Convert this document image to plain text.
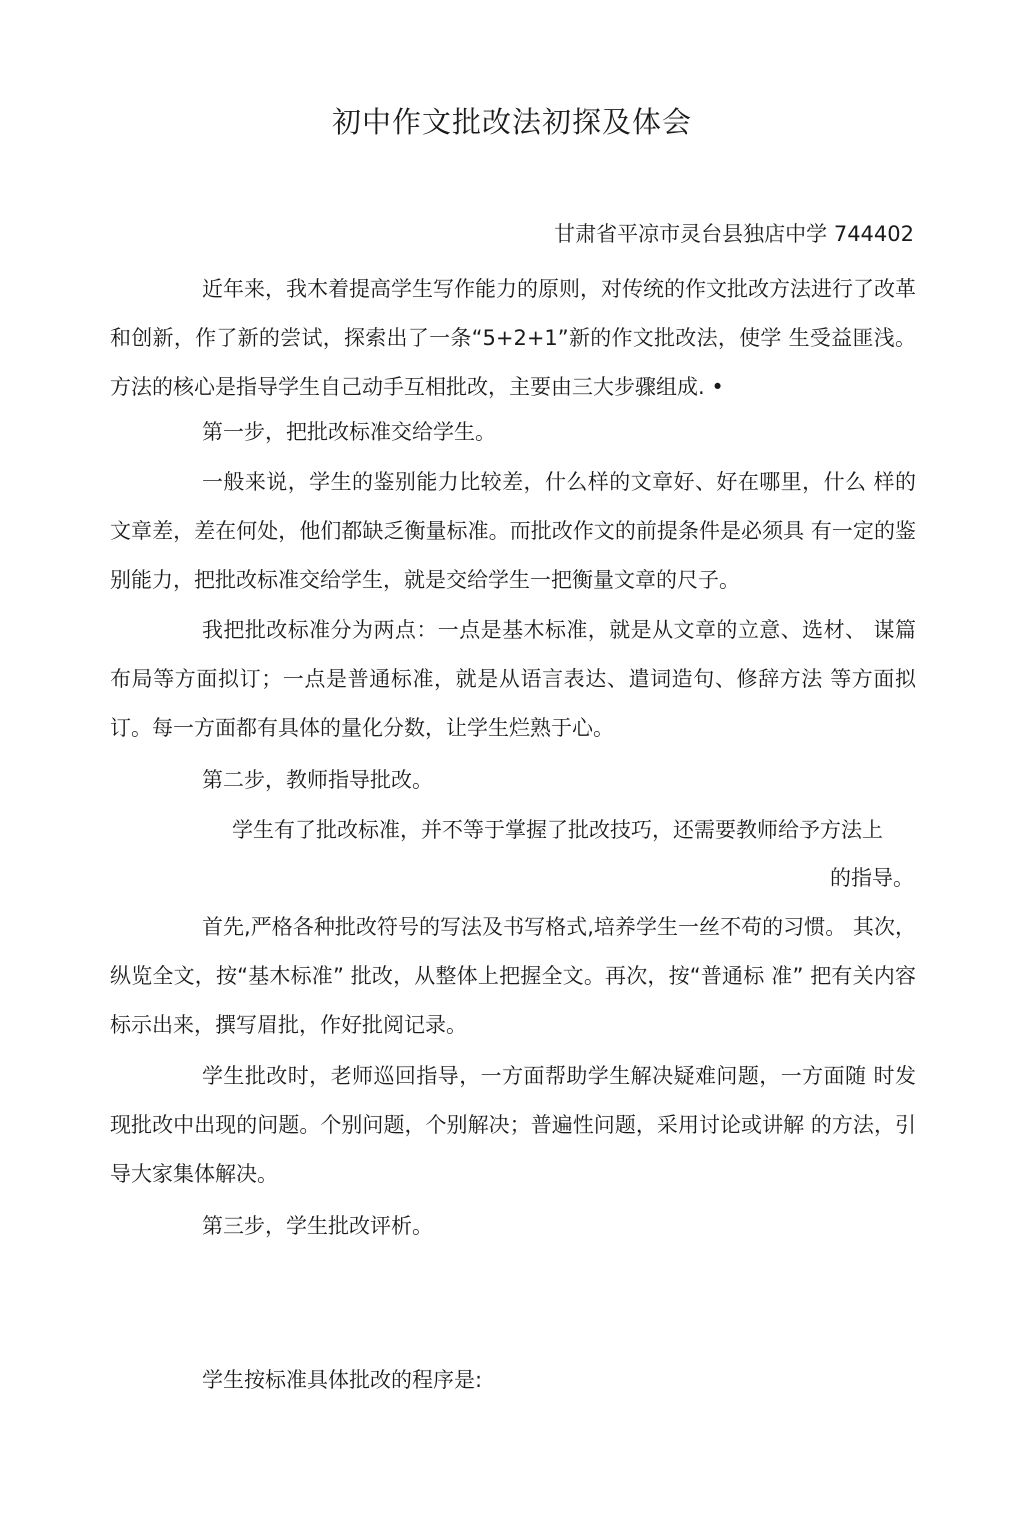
初中作文批改法初探及体会
甘肃省平凉市灵台县独店中学 744402
近年来，我木着提高学生写作能力的原则，对传统的作文批改方法进行了改革和创新，作了新的尝试，探索出了一条“5+2+1”新的作文批改法，使学 生受益匪浅。方法的核心是指导学生自己动手互相批改，主要由三大步骤组成. •
第一步，把批改标准交给学生。
一般来说，学生的鉴别能力比较差，什么样的文章好、好在哪里，什么 样的文章差，差在何处，他们都缺乏衡量标准。而批改作文的前提条件是必须具 有一定的鉴别能力，把批改标准交给学生，就是交给学生一把衡量文章的尺子。
我把批改标准分为两点：一点是基木标准，就是从文章的立意、选材、 谋篇布局等方面拟订；一点是普通标准，就是从语言表达、遣词造句、修辞方法 等方面拟订。每一方面都有具体的量化分数，让学生烂熟于心。
第二步，教师指导批改。
学生有了批改标准，并不等于掌握了批改技巧，还需要教师给予方法上
的指导。
首先,严格各种批改符号的写法及书写格式,培养学生一丝不苟的习惯。 其次，纵览全文，按“基木标准” 批改，从整体上把握全文。再次，按“普通标 准” 把有关内容标示出来，撰写眉批，作好批阅记录。
学生批改时，老师巡回指导，一方面帮助学生解决疑难问题，一方面随 时发现批改中出现的问题。个别问题，个别解决；普遍性问题，采用讨论或讲解 的方法，引导大家集体解决。
第三步，学生批改评析。
学生按标准具体批改的程序是:
